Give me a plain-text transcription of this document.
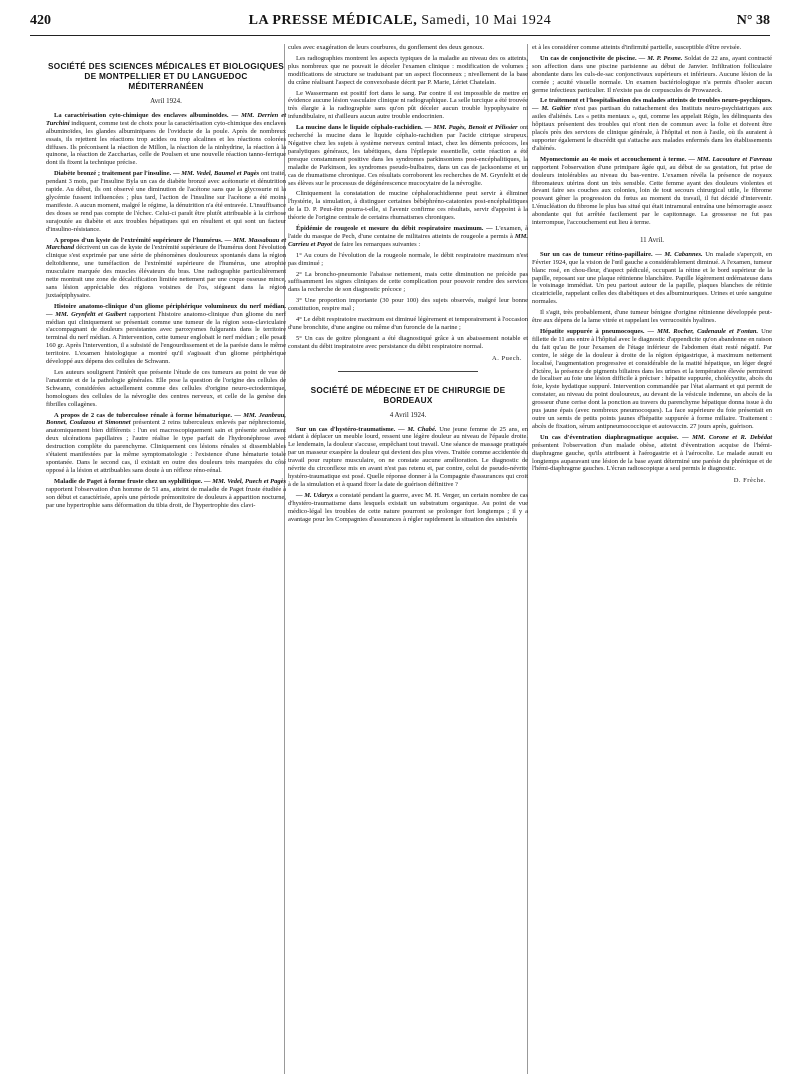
420	LA PRESSE MÉDICALE, Samedi, 10 Mai 1924	N° 38
SOCIÉTÉ DES SCIENCES MÉDICALES ET BIOLOGIQUES DE MONTPELLIER ET DU LANGUEDOC MÉDITERRANÉEN
Avril 1924.

La caractérisation cyto-chimique des enclaves albuminoïdes. — MM. Derrien et Turchini indiquent, comme test de choix pour la caractérisation cyto-chimique des enclaves albuminoïdes, les glandes albuminipares de l'oviducte de la poule. Après de nombreux essais, ils rejettent les réactions trop acides ou trop alcalines et les réactions colorées diffuses. Ils préconisent la réaction de Millon, la réaction de la ninhydrine, la réaction à la quinone, la réaction de Zaccharias, celle de Poulsen et une nouvelle réaction tanno-ferrique dont ils fixent la technique précise.

Diabète bronzé ; traitement par l'insuline. — MM. Vedel, Baumel et Pagès ont traité, pendant 3 mois, par l'insuline Byla un cas de diabète bronzé avec acétonurie et dénutrition rapide. Au début, ils ont observé une diminution de l'acétone sans que la glycosurie ni la glycémie fussent influencées ; plus tard, l'action de l'insuline sur l'acétone a été moins manifeste. A aucun moment, malgré le régime, la dénutrition n'a été entravée. L'insuffisance des doses se rend pas compte de l'échec. Celui-ci paraît être plutôt attribuable à la cirrhose surajoutée au diabète et aux troubles hépatiques qui en résultent et qui sont un facteur d'insulino-résistance.

A propos d'un kyste de l'extrémité supérieure de l'humérus. — MM. Massabuau et Marchand décrivent un cas de kyste de l'extrémité supérieure de l'humérus dont l'évolution clinique s'est exprimée par une série de phénomènes douloureux spontanés dans la région deltoïdienne, une tuméfaction de l'extrémité supérieure de l'humérus, une atrophie musculaire marquée des muscles élévateurs du bras. Une radiographie particulièrement nette montrait une zone de décalcification limitée nettement par une coque osseuse mince, sans lésion appréciable des régions voisines de l'os, siégeant dans la région juxtaépiphysaire.

Histoire anatomo-clinique d'un gliome périphérique volumineux du nerf médian. — MM. Grynfeltt et Guibert rapportent l'histoire anatomo-clinique d'un gliome du nerf médian qui cliniquement se présentait comme une tumeur de la région sous-claviculaire s'accompagnant de douleurs persistantes avec paroxysmes fulgurants dans le territoire terminal du nerf médian. A l'intervention, cette tumeur englobait le nerf médian ; elle pesait 160 gr. Après l'intervention, il a subsisté de l'engourdissement et de la parésie dans le même territoire. L'examen histologique a montré qu'il s'agissait d'un gliome périphérique développé aux dépens des cellules de Schwann.

Les auteurs soulignent l'intérêt que présente l'étude de ces tumeurs au point de vue de l'anatomie et de la pathologie générales. Elle pose la question de l'origine des cellules de Schwann, considérées actuellement comme des cellules d'origine neuro-ectodermique, homologues des cellules de la névroglie des centres nerveux, et celle de la genèse des fibrilles collagènes.

A propos de 2 cas de tuberculose rénale à forme hématurique. — MM. Jeanbrau, Bonnet, Coulazou et Simonnet présentent 2 reins tuberculeux enlevés par néphrectomie, anatomiquement bien différents : l'un est macroscopiquement sain et présente seulement deux ulcérations papillaires ; l'autre réalise le type parfait de l'hydronéphrose avec destruction complète du parenchyme. Cliniquement ces lésions rénales si dissemblables s'étaient manifestées par la même symptomatologie : l'existence d'une hématurie totale spontanée. Dans le second cas, il existait en outre des douleurs très marquées du côté opposé à la lésion et attribuables sans doute à un réflexe réno-rénal.

Maladie de Paget à forme fruste chez un syphilitique. — MM. Vedel, Puech et Pagès rapportent l'observation d'un homme de 51 ans, atteint de maladie de Paget fruste étudiée à son début et caractérisée, après une période prémonitoire de douleurs à apparition nocturne, par une hypertrophie sans déformation du tibia droit, de l'hypertrophie des clavi-

cules avec exagération de leurs courbures, du gonflement des deux genoux.

Les radiographies montrent les aspects typiques de la maladie au niveau des os atteints, plus nombreux que ne pouvait le déceler l'examen clinique : modification de volumes ; modifications de structure se traduisant par un aspect floconneux ; nivellement de la base du crâne réalisant l'aspect de convexobasie décrit par P. Marie, Lériet Chatelain.

Le Wassermann est positif fort dans le sang. Par contre il est impossible de mettre en évidence aucune lésion vasculaire clinique ni radiographique. La selle turcique a été trouvée très élargie à la radiographie sans qu'on pût déceler aucun trouble hypophysaire ni infundibulaire, ni d'ailleurs aucun autre trouble endocrinien.

La mucine dans le liquide céphalo-rachidien. — MM. Pagès, Benoit et Pélissier ont recherché la mucine dans le liquide céphalo-rachidien par l'acide citrique sirupeux. Négative chez les sujets à système nerveux central intact, chez les déments précoces, les paralytiques généraux, les tabétiques, dans l'épilepsie essentielle, cette réaction a été presque constamment positive dans les syndromes parkinsoniens post-encéphalitiques, la maladie de Parkinson, les syndromes pseudo-bulbaires, dans un cas de jacksonisme et un cas de rhumatisme chronique. Ces résultats corroborent les recherches de M. Grynfeltt et de ses élèves sur le processus de dégénérescence mucocytaire de la névroglie.

Cliniquement la constatation de mucine céphalorachidienne peut servir à éliminer l'hystérie, la simulation, à distinguer certaines bébéphréno-catatonies post-encéphalitiques de la D. P. Peut-être pourra-t-elle, si l'avenir confirme ces résultats, servir d'appoint à la théorie de l'origine centrale de certains rhumatismes chroniques.

Épidémie de rougeole et mesure du débit respiratoire maximum. — L'examen, à l'aide du masque de Pech, d'une centaine de militaires atteints de rougeole a permis à MM. Carrieu et Payot de faire les remarques suivantes :

1° Au cours de l'évolution de la rougeole normale, le débit respiratoire maximum n'est pas diminué ;

2° La broncho-pneumonie l'abaisse nettement, mais cette diminution ne précède pas suffisamment les signes cliniques de cette complication pour pouvoir rendre des services dans la recherche de son diagnostic précoce ;

3° Une proportion importante (30 pour 100) des sujets observés, malgré leur bonne constitution, respire mal ;

4° Le débit respiratoire maximum est diminué légèrement et temporairement à l'occasion d'une bronchite, d'une angine ou même d'un furoncle de la narine ;

5° Un cas de goitre plongeant a été diagnostiqué grâce à un abaissement notable et constant du débit inspiratoire avec persistance du débit respiratoire normal.

A. Puech.
SOCIÉTÉ DE MÉDECINE ET DE CHIRURGIE DE BORDEAUX
4 Avril 1924.

Sur un cas d'hystéro-traumatisme. — M. Chabé. Une jeune femme de 25 ans, en aidant à déplacer un meuble lourd, ressent une légère douleur au niveau de l'épaule droite. Le lendemain, la douleur s'accuse, empêchant tout travail. Une séance de massage pratiquée par un masseur exaspère la douleur qui devient des plus vives. Traitée comme accidentée du travail pour rupture musculaire, on ne constate aucune amélioration. Le diagnostic de névrite du circonflexe mis en avant n'est pas retenu et, par contre, celui de pseudo-névrite hystéro-traumatique est posé. Quelle réponse donner à la Compagnie d'assurances qui croit à de la simulation et à quand fixer la date de guérison définitive ?

— M. Udaryx a constaté pendant la guerre, avec M. H. Verger, un certain nombre de cas d'hystéro-traumatisme dans lesquels existait un substratum organique. Au point de vue médico-légal les troubles de cette nature pourront se prolonger fort longtemps ; il y a avantage pour les Compagnies d'assurances à régler rapidement la situation des sinistrés

et à les considérer comme atteints d'infirmité partielle, susceptible d'être revisée.

Un cas de conjonctivite de piscine. — M. P. Pesme. Soldat de 22 ans, ayant contracté son affection dans une piscine parisienne au début de Janvier. Infiltration folliculaire abondante dans les culs-de-sac conjonctivaux supérieurs et inférieurs. Aucune lésion de la cornée ; acuité visuelle normale. Un examen bactériologique n'a permis d'isoler aucun germe infectieux particulier. Il n'existe pas de corpuscules de Prowazeck.

Le traitement et l'hospitalisation des malades atteints de troubles neuro-psychiques. — M. Galtier n'est pas partisan du rattachement des Instituts neuro-psychiatriques aux asiles d'aliénés. Les « petits mentaux », qui, comme les appelait Régis, les délinquants des hôpitaux présentent des troubles qui n'ont rien de commun avec la folie et doivent être placés près des services de clinique générale, à l'hôpital et non à l'asile, où ils auraient à supporter également le discrédit qui s'attache aux malades enfermés dans les établissements d'aliénés.

Myomectomie au 4e mois et accouchement à terme. — MM. Lacouture et Favreau rapportent l'observation d'une primipare âgée qui, au début de sa gestation, fut prise de douleurs intolérables au niveau du bas-ventre. L'examen révéla la présence de noyaux fibromateux utérins dont un très sensible. Cette femme ayant des douleurs violentes et devant faire ses couches aux colonies, loin de tout secours chirurgical utile, le fibrome pouvant gêner la progression du fœtus au moment du travail, il fut décidé d'intervenir. L'énucléation du fibrome le plus bas situé qui était intramural entraîna une hémorragie assez abondante qui fut arrêtée facilement par le capitonnage. La grossesse ne fut pas interrompue, l'accouchement eut lieu à terme.

11 Avril.

Sur un cas de tumeur rétino-papillaire. — M. Cabannes. Un malade s'aperçoit, en Février 1924, que la vision de l'œil gauche a considérablement diminué. A l'examen, tumeur blanc rosé, en chou-fleur, d'aspect pédiculé, occupant la rétine et le bord supérieur de la papille, reposant sur une plaque rétinienne blanchâtre. Papille légèrement œdémateuse dans le voisinage immédiat. Un peu partout autour de la papille, plaques blanches de rétinie cicatricielle, rappelant celles des diabétiques et des albuminuriques. Urines et urée sanguine normales.

Il s'agit, très probablement, d'une tumeur bénigne d'origine rétinienne développée peut-être aux dépens de la lame vitrée et rappelant les verrucosités hyalines.

Hépatite suppurée à pneumocoques. — MM. Rocher, Cadenaule et Fontan. Une fillette de 11 ans entre à l'hôpital avec le diagnostic d'appendicite qu'on abandonne en raison du fait qu'au 8e jour l'examen de l'étage inférieur de l'abdomen était resté négatif. Par contre, le siège de la douleur à droite de la région épigastrique, à maximum nettement localisé, l'augmentation progressive et considérable de la matité hépatique, un léger degré d'ictère, la présence de pigments biliaires dans les urines et la température élevée permirent de localiser au foie une lésion difficile à préciser : hépatite suppurée, cholécystite, abcès du foie, kyste hydatique suppuré. Intervention commandée par l'état alarmant et qui permit de constater, au niveau du point douloureux, au devant de la vésicule indemne, un abcès de la grosseur d'une cerise dont la ponction au travers du parenchyme hépatique donna issue à du pus jaune épais (avec nombreux pneumocoques). La face supérieure du foie présentait en outre un semis de petits points jaunes d'hépatite suppurée à forme miliaire. Traitement : abcès de fixation, sérum antipneumococcique et autovaccin. 27 jours après, guérison.

Un cas d'éventration diaphragmatique acquise. — MM. Corone et R. Debédat présentent l'observation d'un malade obèse, atteint d'éventration acquise de l'hémi-diaphragme gauche, qu'ils attribuent à l'aérogastrie et à l'aérocolie. Le malade aurait eu longtemps auparavant une lésion de la base ayant déterminé une parésie du phrénique et de l'hémi-diaphragme gauches. L'écran radioscopique a seul permis le diagnostic.

D. Frèche.
